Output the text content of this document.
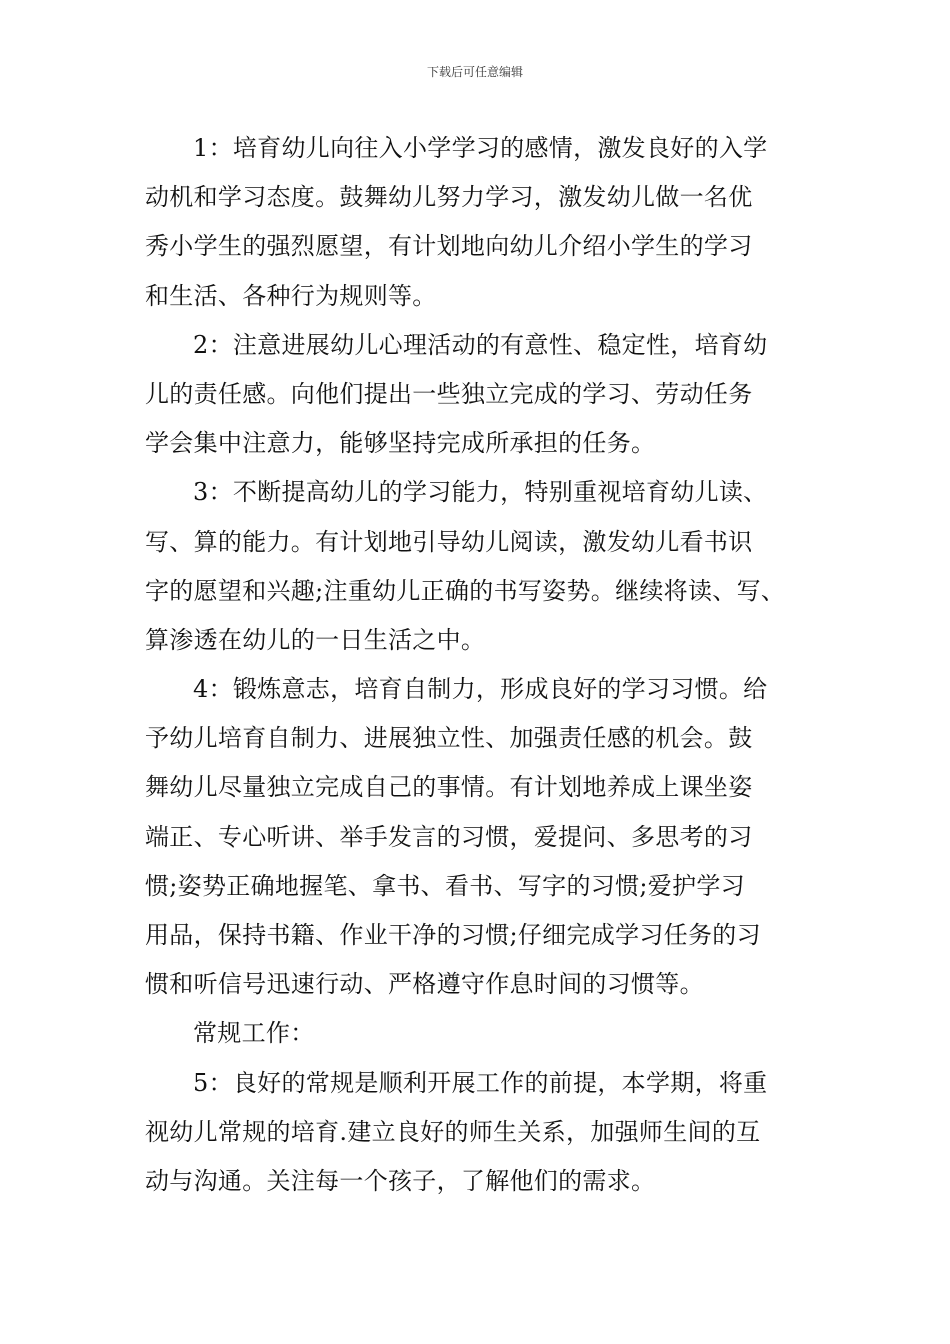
下载后可任意编辑
1：培育幼儿向往入小学学习的感情，激发良好的入学
动机和学习态度。鼓舞幼儿努力学习，激发幼儿做一名优
秀小学生的强烈愿望，有计划地向幼儿介绍小学生的学习
和生活、各种行为规则等。
2：注意进展幼儿心理活动的有意性、稳定性，培育幼
儿的责任感。向他们提出一些独立完成的学习、劳动任务
学会集中注意力，能够坚持完成所承担的任务。
3：不断提高幼儿的学习能力，特别重视培育幼儿读、
写、算的能力。有计划地引导幼儿阅读，激发幼儿看书识
字的愿望和兴趣;注重幼儿正确的书写姿势。继续将读、写、
算渗透在幼儿的一日生活之中。
4：锻炼意志，培育自制力，形成良好的学习习惯。给
予幼儿培育自制力、进展独立性、加强责任感的机会。鼓
舞幼儿尽量独立完成自己的事情。有计划地养成上课坐姿
端正、专心听讲、举手发言的习惯，爱提问、多思考的习
惯;姿势正确地握笔、拿书、看书、写字的习惯;爱护学习
用品，保持书籍、作业干净的习惯;仔细完成学习任务的习
惯和听信号迅速行动、严格遵守作息时间的习惯等。
常规工作：
5：良好的常规是顺利开展工作的前提，本学期，将重
视幼儿常规的培育.建立良好的师生关系，加强师生间的互
动与沟通。关注每一个孩子，了解他们的需求。
